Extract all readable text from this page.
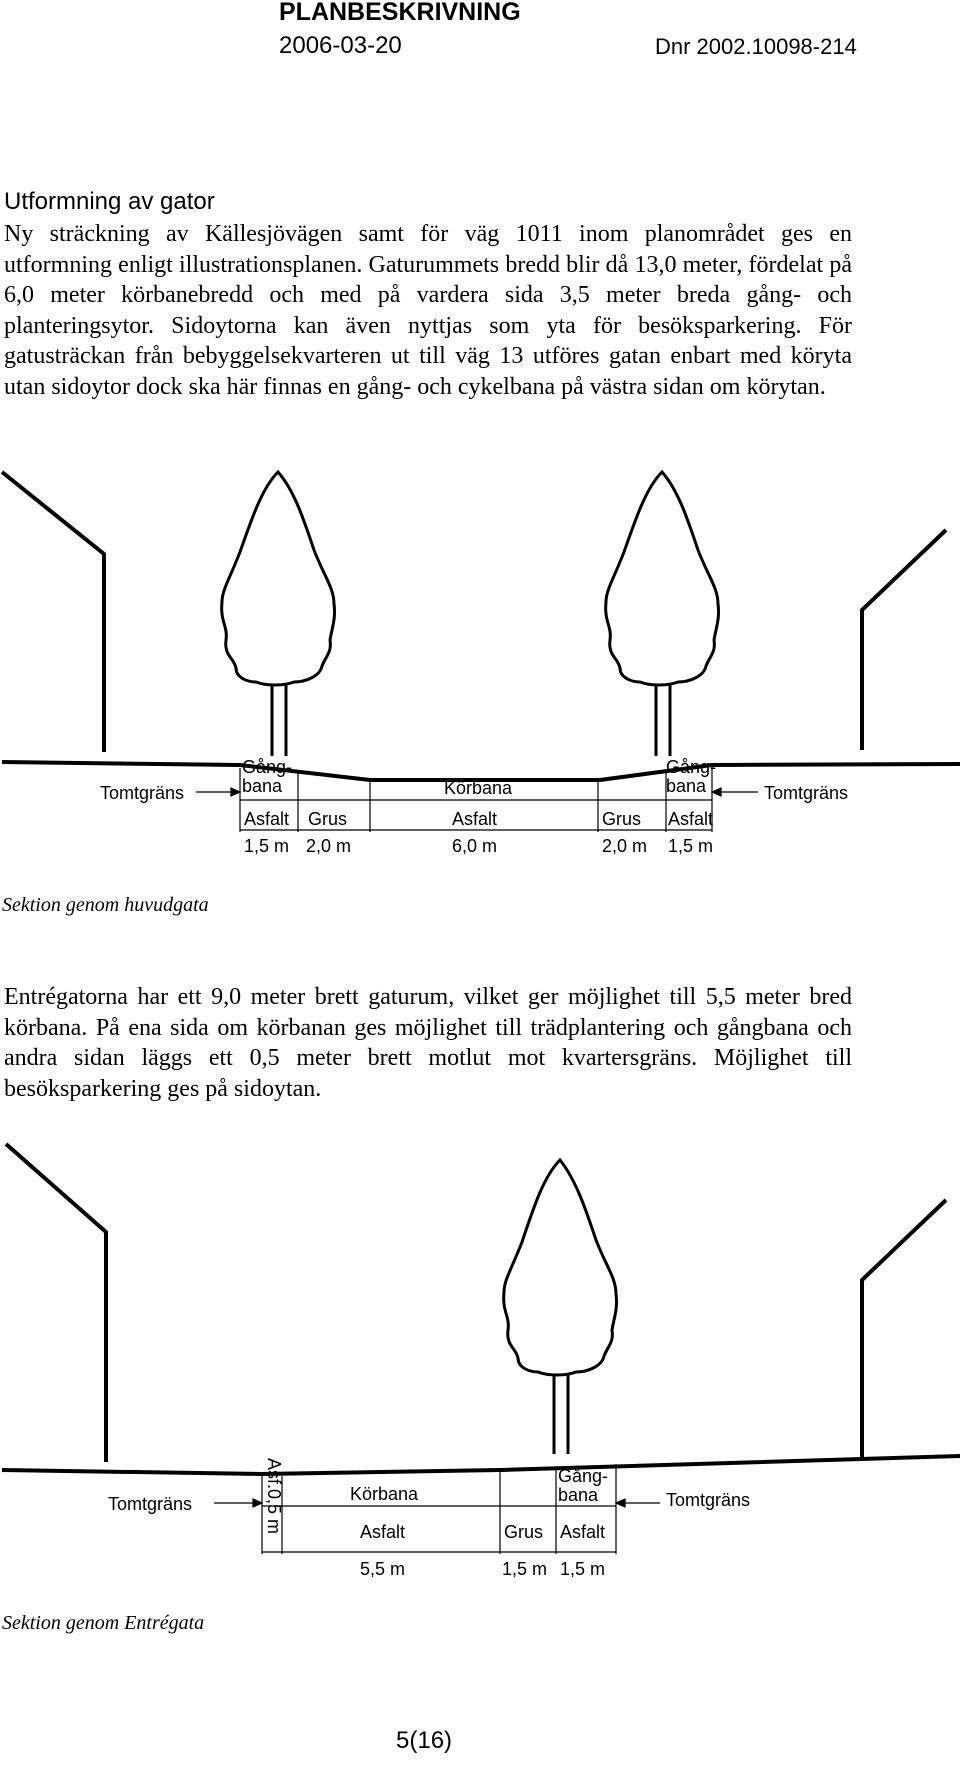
PLANBESKRIVNING
2006-03-20	Dnr 2002.10098-214
Utformning av gator

Ny sträckning av Källesjövägen samt för väg 1011 inom planområdet ges en utformning enligt illustrationsplanen. Gaturummets bredd blir då 13,0 meter, fördelat på 6,0 meter körbanebredd och med på vardera sida 3,5 meter breda gång- och planteringsytor. Sidoytorna kan även nyttjas som yta för besöksparkering. För gatusträckan från bebyggelsekvarteren ut till väg 13 utföres gatan enbart med köryta utan sidoytor dock ska här finnas en gång- och cykelbana på västra sidan om körytan.

Tomtgräns	Tomtgräns
Gång-
bana	Körbana
Gång-
bana
Asfalt Grus	Asfalt	Grus Asfalt
1,5 m 2,0 m	6,0 m	2,0 m 1,5 m
Sektion genom huvudgata

Entrégatorna har ett 9,0 meter brett gaturum, vilket ger möjlighet till 5,5 meter bred körbana. På ena sida om körbanan ges möjlighet till trädplantering och gångbana och andra sidan läggs ett 0,5 meter brett motlut mot kvartersgräns. Möjlighet till besöksparkering ges på sidoytan.

Tomtgräns	Tomtgräns
Körbana
Gång-
bana
Asfalt	Grus Asfalt
Asf.0,5 m
5,5 m	1,5 m 1,5 m
Sektion genom Entrégata
5(16)
